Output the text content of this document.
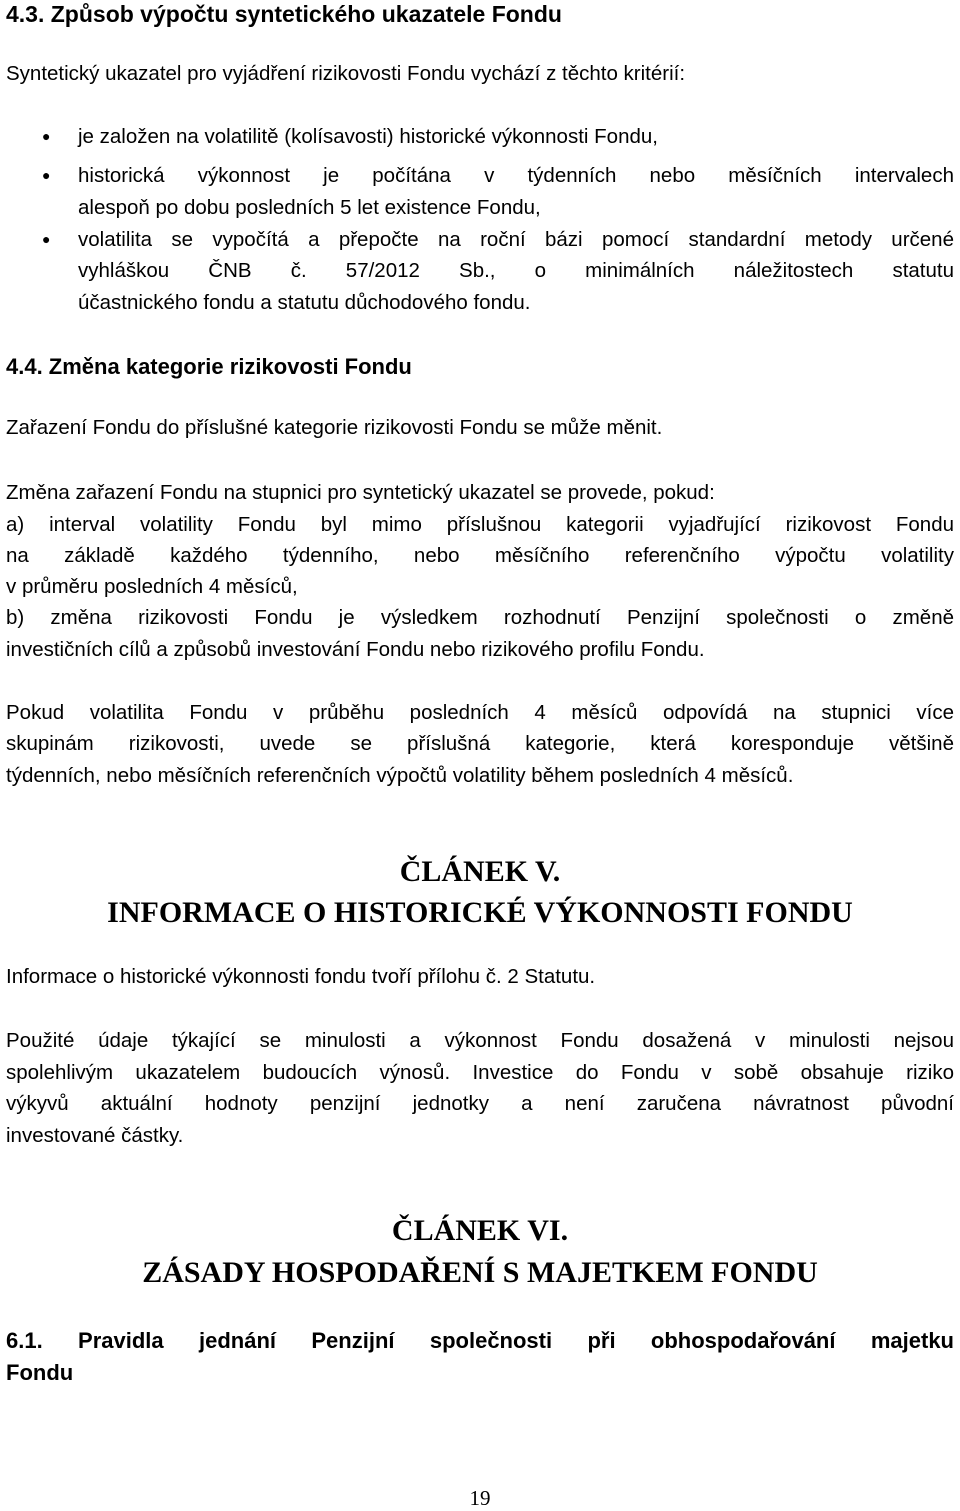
4.3. Způsob výpočtu syntetického ukazatele Fondu
Syntetický ukazatel pro vyjádření rizikovosti Fondu vychází z těchto kritérií:
● je založen na volatilitě (kolísavosti) historické výkonnosti Fondu,
● historická výkonnost je počítána v týdenních nebo měsíčních intervalech
alespoň po dobu posledních 5 let existence Fondu,
● volatilita se vypočítá a přepočte na roční bázi pomocí standardní metody určené
vyhláškou ČNB č. 57/2012 Sb., o minimálních náležitostech statutu
účastnického fondu a statutu důchodového fondu.
4.4. Změna kategorie rizikovosti Fondu
Zařazení Fondu do příslušné kategorie rizikovosti Fondu se může měnit.
Změna zařazení Fondu na stupnici pro syntetický ukazatel se provede, pokud:
a) interval volatility Fondu byl mimo příslušnou kategorii vyjadřující rizikovost Fondu
na základě každého týdenního, nebo měsíčního referenčního výpočtu volatility
v průměru posledních 4 měsíců,
b) změna rizikovosti Fondu je výsledkem rozhodnutí Penzijní společnosti o změně
investičních cílů a způsobů investování Fondu nebo rizikového profilu Fondu.
Pokud volatilita Fondu v průběhu posledních 4 měsíců odpovídá na stupnici více
skupinám rizikovosti, uvede se příslušná kategorie, která koresponduje většině
týdenních, nebo měsíčních referenčních výpočtů volatility během posledních 4 měsíců.
ČLÁNEK V.
INFORMACE O HISTORICKÉ VÝKONNOSTI FONDU
Informace o historické výkonnosti fondu tvoří přílohu č. 2 Statutu.
Použité údaje týkající se minulosti a výkonnost Fondu dosažená v minulosti nejsou
spolehlivým ukazatelem budoucích výnosů. Investice do Fondu v sobě obsahuje riziko
výkyvů aktuální hodnoty penzijní jednotky a není zaručena návratnost původní
investované částky.
ČLÁNEK VI.
ZÁSADY HOSPODAŘENÍ S MAJETKEM FONDU
6.1. Pravidla jednání Penzijní společnosti při obhospodařování majetku
Fondu
19
